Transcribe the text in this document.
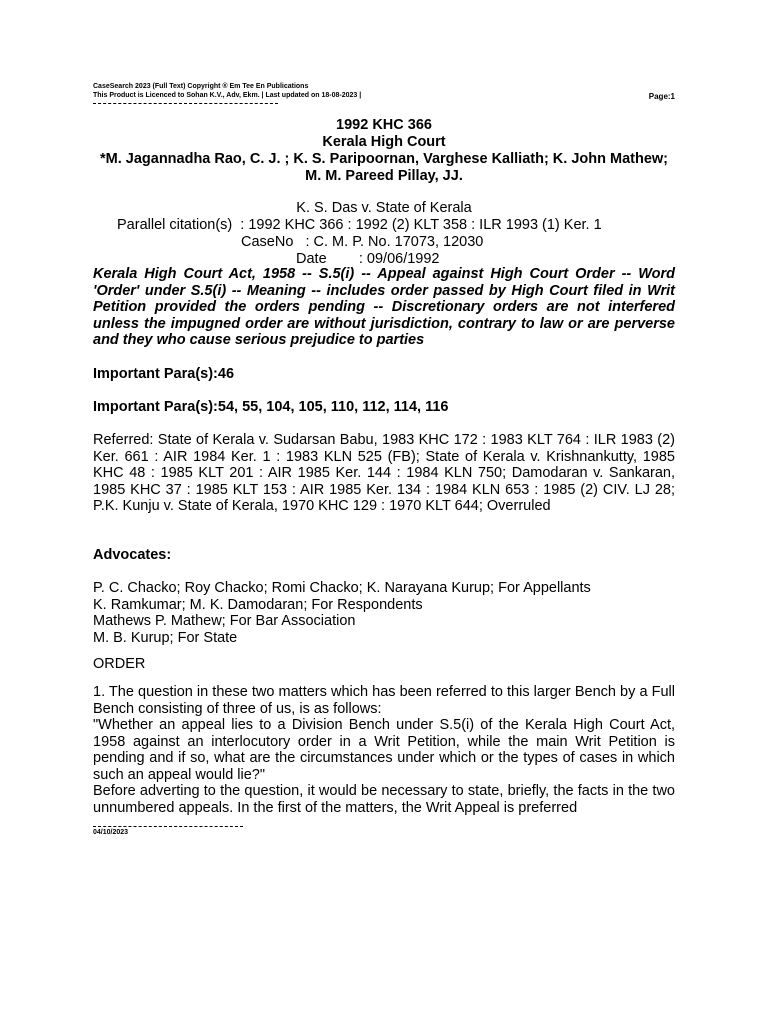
CaseSearch 2023 (Full Text) Copyright ® Em Tee En Publications
This Product is Licenced to Sohan K.V., Adv, Ekm. | Last updated on 18-08-2023 |	Page:1
1992 KHC 366
Kerala High Court
*M. Jagannadha Rao, C. J. ; K. S. Paripoornan, Varghese Kalliath; K. John Mathew; M. M. Pareed Pillay, JJ.
K. S. Das v. State of Kerala
Parallel citation(s)  : 1992 KHC 366 : 1992 (2) KLT 358 : ILR 1993 (1) Ker. 1
CaseNo   : C. M. P. No. 17073, 12030
Date        : 09/06/1992
Kerala High Court Act, 1958 -- S.5(i) -- Appeal against High Court Order -- Word 'Order' under S.5(i) -- Meaning -- includes order passed by High Court filed in Writ Petition provided the orders pending -- Discretionary orders are not interfered unless the impugned order are without jurisdiction, contrary to law or are perverse and they who cause serious prejudice to parties
Important Para(s):46
Important Para(s):54, 55, 104, 105, 110, 112, 114, 116
Referred: State of Kerala v. Sudarsan Babu, 1983 KHC 172 : 1983 KLT 764 : ILR 1983 (2) Ker. 661 : AIR 1984 Ker. 1 : 1983 KLN 525 (FB); State of Kerala v. Krishnankutty, 1985 KHC 48 : 1985 KLT 201 : AIR 1985 Ker. 144 : 1984 KLN 750; Damodaran v. Sankaran, 1985 KHC 37 : 1985 KLT 153 : AIR 1985 Ker. 134 : 1984 KLN 653 : 1985 (2) CIV. LJ 28; P.K. Kunju v. State of Kerala, 1970 KHC 129 : 1970 KLT 644; Overruled
Advocates:
P. C. Chacko; Roy Chacko; Romi Chacko; K. Narayana Kurup; For Appellants
K. Ramkumar; M. K. Damodaran; For Respondents
Mathews P. Mathew; For Bar Association
M. B. Kurup; For State
ORDER
1. The question in these two matters which has been referred to this larger Bench by a Full Bench consisting of three of us, is as follows:
"Whether an appeal lies to a Division Bench under S.5(i) of the Kerala High Court Act, 1958 against an interlocutory order in a Writ Petition, while the main Writ Petition is pending and if so, what are the circumstances under which or the types of cases in which such an appeal would lie?"
Before adverting to the question, it would be necessary to state, briefly, the facts in the two unnumbered appeals. In the first of the matters, the Writ Appeal is preferred
04/10/2023
